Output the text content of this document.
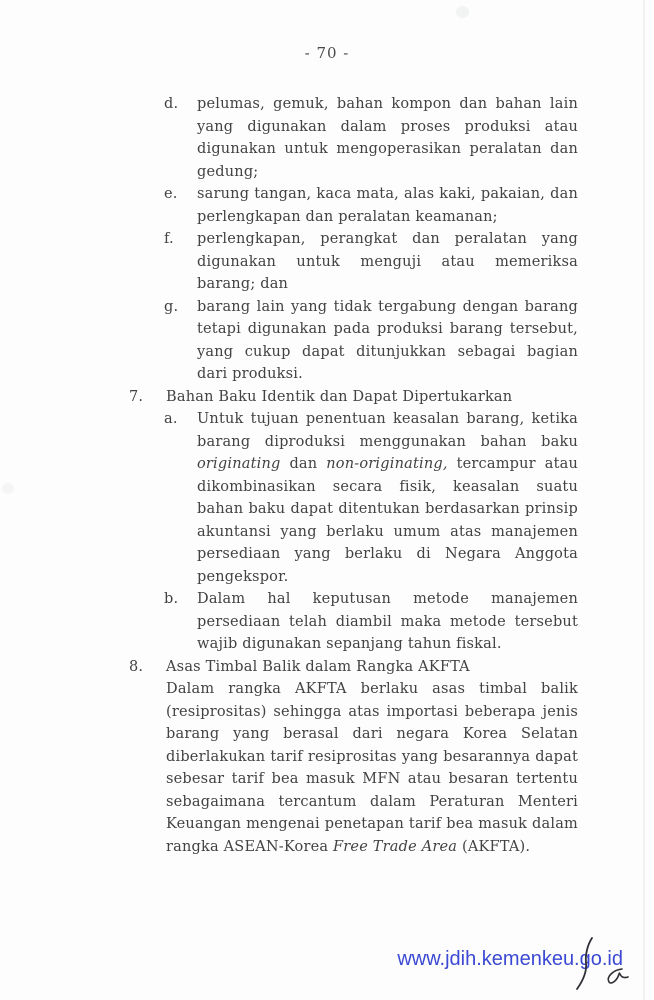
- 70 -
d.	pelumas, gemuk, bahan kompon dan bahan lain yang digunakan dalam proses produksi atau digunakan untuk mengoperasikan peralatan dan gedung;
e.	sarung tangan, kaca mata, alas kaki, pakaian, dan perlengkapan dan peralatan keamanan;
f.	perlengkapan, perangkat dan peralatan yang digunakan untuk menguji atau memeriksa barang; dan
g.	barang lain yang tidak tergabung dengan barang tetapi digunakan pada produksi barang tersebut, yang cukup dapat ditunjukkan sebagai bagian dari produksi.
7.	Bahan Baku Identik dan Dapat Dipertukarkan
a.	Untuk tujuan penentuan keasalan barang, ketika barang diproduksi menggunakan bahan baku originating dan non-originating, tercampur atau dikombinasikan secara fisik, keasalan suatu bahan baku dapat ditentukan berdasarkan prinsip akuntansi yang berlaku umum atas manajemen persediaan yang berlaku di Negara Anggota pengekspor.
b.	Dalam hal keputusan metode manajemen persediaan telah diambil maka metode tersebut wajib digunakan sepanjang tahun fiskal.
8.	Asas Timbal Balik dalam Rangka AKFTA
Dalam rangka AKFTA berlaku asas timbal balik (resiprositas) sehingga atas importasi beberapa jenis barang yang berasal dari negara Korea Selatan diberlakukan tarif resiprositas yang besarannya dapat sebesar tarif bea masuk MFN atau besaran tertentu sebagaimana tercantum dalam Peraturan Menteri Keuangan mengenai penetapan tarif bea masuk dalam rangka ASEAN-Korea Free Trade Area (AKFTA).
www.jdih.kemenkeu.go.id
